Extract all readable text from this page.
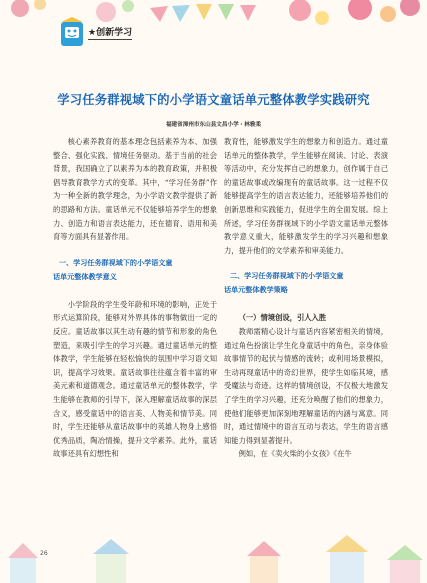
★创新学习
学习任务群视域下的小学语文童话单元整体教学实践研究
福建省漳州市东山县文昌小学・林雅柔

核心素养教育的基本理念包括素养为本、加强整合、强化实践、情境任务驱动。基于当前的社会背景，我国确立了以素养为本的教育政策，并积极倡导教育教学方式的变革。其中，“学习任务群”作为一种全新的教学理念，为小学语文教学提供了新的思路和方法。童话单元不仅能够培养学生的想象力、创造力和语言表达能力，还在德育、语用和美育等方面具有显著作用。

一、学习任务群视域下的小学语文童
话单元整体教学意义

小学阶段的学生受年龄和环境的影响，正处于形式运算阶段，能够对外界具体的事物做出一定的反应。童话故事以其生动有趣的情节和形象的角色塑造，来吸引学生的学习兴趣。通过童话单元的整体教学，学生能够在轻松愉快的氛围中学习语文知识，提高学习效果。童话故事往往蕴含着丰富的审美元素和道德观念。通过童话单元的整体教学，学生能够在教师的引导下，深入理解童话故事的深层含义，感受童话中的语言美、人物美和情节美。同时，学生还能够从童话故事中的英雄人物身上感悟优秀品质，陶冶情操，提升文学素养。此外，童话故事还具有幻想性和

教育性，能够激发学生的想象力和创造力。通过童话单元的整体教学，学生能够在阅读、讨论、表演等活动中，充分发挥自己的想象力，创作属于自己的童话故事或改编现有的童话故事。这一过程不仅能够提高学生的语言表达能力，还能够培养他们的创新思维和实践能力，促进学生的全面发展。综上所述，学习任务群视域下的小学语文童话单元整体教学意义重大，能够激发学生的学习兴趣和想象力，提升他们的文学素养和审美能力。

二、学习任务群视域下的小学语文童
话单元整体教学策略
（一）情境创设，引人入胜

教师需精心设计与童话内容紧密相关的情境，通过角色扮演让学生化身童话中的角色，亲身体验故事情节的起伏与情感的流转；或利用场景模拟，生动再现童话中的奇幻世界，使学生如临其境，感受魔法与奇迹。这样的情境创设，不仅极大地激发了学生的学习兴趣，还充分唤醒了他们的想象力，使他们能够更加深刻地理解童话的内涵与寓意。同时，通过情境中的语言互动与表达，学生的语言感知能力得到显著提升。

例如，在《卖火柴的小女孩》《在牛

26
